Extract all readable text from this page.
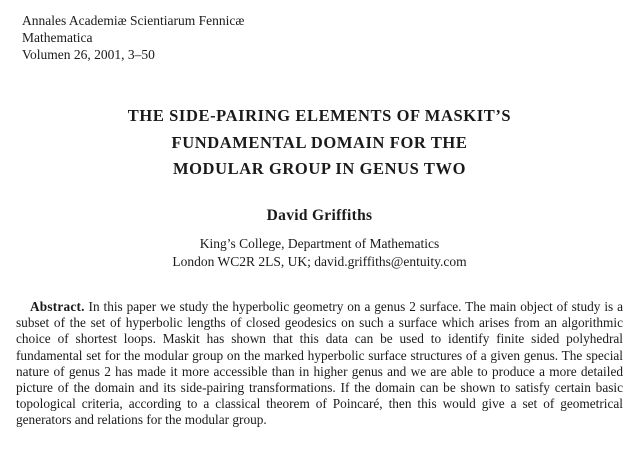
Annales Academiæ Scientiarum Fennicæ
Mathematica
Volumen 26, 2001, 3–50
THE SIDE-PAIRING ELEMENTS OF MASKIT’S
FUNDAMENTAL DOMAIN FOR THE
MODULAR GROUP IN GENUS TWO
David Griffiths
King’s College, Department of Mathematics
London WC2R 2LS, UK; david.griffiths@entuity.com

Abstract. In this paper we study the hyperbolic geometry on a genus 2 surface. The main object of study is a subset of the set of hyperbolic lengths of closed geodesics on such a surface which arises from an algorithmic choice of shortest loops. Maskit has shown that this data can be used to identify finite sided polyhedral fundamental set for the modular group on the marked hyperbolic surface structures of a given genus. The special nature of genus 2 has made it more accessible than in higher genus and we are able to produce a more detailed picture of the domain and its side-pairing transformations. If the domain can be shown to satisfy certain basic topological criteria, according to a classical theorem of Poincaré, then this would give a set of geometrical generators and relations for the modular group.
